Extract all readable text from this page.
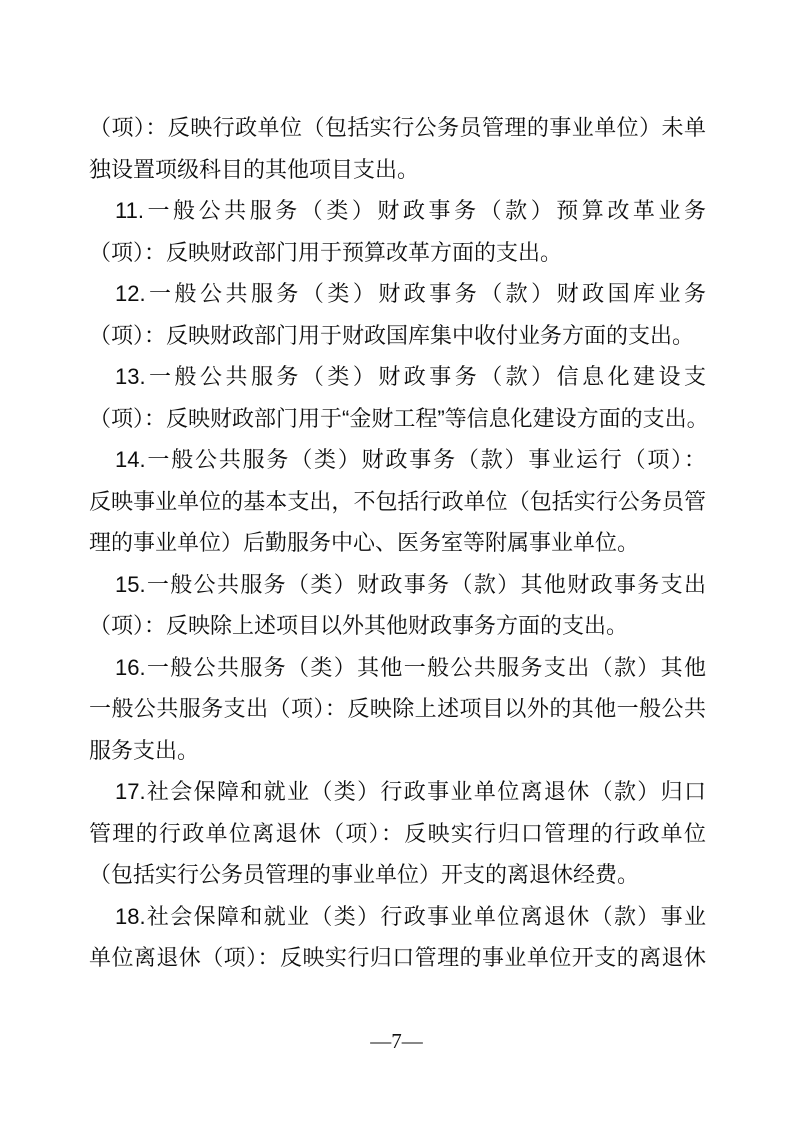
（项）：反映行政单位（包括实行公务员管理的事业单位）未单
独设置项级科目的其他项目支出。
11.一般公共服务（类）财政事务（款）预算改革业务
（项）：反映财政部门用于预算改革方面的支出。
12.一般公共服务（类）财政事务（款）财政国库业务
（项）：反映财政部门用于财政国库集中收付业务方面的支出。
13.一般公共服务（类）财政事务（款）信息化建设支
（项）：反映财政部门用于“金财工程”等信息化建设方面的支出。
14.一般公共服务（类）财政事务（款）事业运行（项）：
反映事业单位的基本支出，不包括行政单位（包括实行公务员管
理的事业单位）后勤服务中心、医务室等附属事业单位。
15.一般公共服务（类）财政事务（款）其他财政事务支出
（项）：反映除上述项目以外其他财政事务方面的支出。
16.一般公共服务（类）其他一般公共服务支出（款）其他
一般公共服务支出（项）：反映除上述项目以外的其他一般公共
服务支出。
17.社会保障和就业（类）行政事业单位离退休（款）归口
管理的行政单位离退休（项）：反映实行归口管理的行政单位
（包括实行公务员管理的事业单位）开支的离退休经费。
18.社会保障和就业（类）行政事业单位离退休（款）事业
单位离退休（项）：反映实行归口管理的事业单位开支的离退休
—7—
